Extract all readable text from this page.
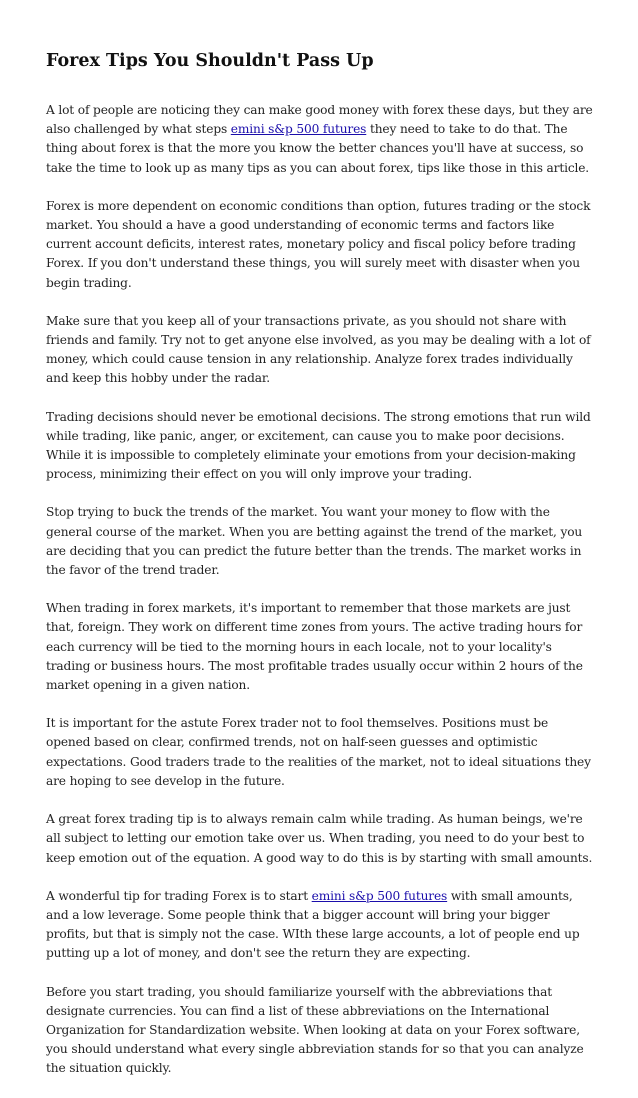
Forex Tips You Shouldn't Pass Up

A lot of people are noticing they can make good money with forex these days, but they are also challenged by what steps emini s&p 500 futures they need to take to do that. The thing about forex is that the more you know the better chances you'll have at success, so take the time to look up as many tips as you can about forex, tips like those in this article.

Forex is more dependent on economic conditions than option, futures trading or the stock market. You should a have a good understanding of economic terms and factors like current account deficits, interest rates, monetary policy and fiscal policy before trading Forex. If you don't understand these things, you will surely meet with disaster when you begin trading.

Make sure that you keep all of your transactions private, as you should not share with friends and family. Try not to get anyone else involved, as you may be dealing with a lot of money, which could cause tension in any relationship. Analyze forex trades individually and keep this hobby under the radar.

Trading decisions should never be emotional decisions. The strong emotions that run wild while trading, like panic, anger, or excitement, can cause you to make poor decisions. While it is impossible to completely eliminate your emotions from your decision-making process, minimizing their effect on you will only improve your trading.

Stop trying to buck the trends of the market. You want your money to flow with the general course of the market. When you are betting against the trend of the market, you are deciding that you can predict the future better than the trends. The market works in the favor of the trend trader.

When trading in forex markets, it's important to remember that those markets are just that, foreign. They work on different time zones from yours. The active trading hours for each currency will be tied to the morning hours in each locale, not to your locality's trading or business hours. The most profitable trades usually occur within 2 hours of the market opening in a given nation.

It is important for the astute Forex trader not to fool themselves. Positions must be opened based on clear, confirmed trends, not on half-seen guesses and optimistic expectations. Good traders trade to the realities of the market, not to ideal situations they are hoping to see develop in the future.

A great forex trading tip is to always remain calm while trading. As human beings, we're all subject to letting our emotion take over us. When trading, you need to do your best to keep emotion out of the equation. A good way to do this is by starting with small amounts.

A wonderful tip for trading Forex is to start emini s&p 500 futures with small amounts, and a low leverage. Some people think that a bigger account will bring your bigger profits, but that is simply not the case. WIth these large accounts, a lot of people end up putting up a lot of money, and don't see the return they are expecting.

Before you start trading, you should familiarize yourself with the abbreviations that designate currencies. You can find a list of these abbreviations on the International Organization for Standardization website. When looking at data on your Forex software, you should understand what every single abbreviation stands for so that you can analyze the situation quickly.
